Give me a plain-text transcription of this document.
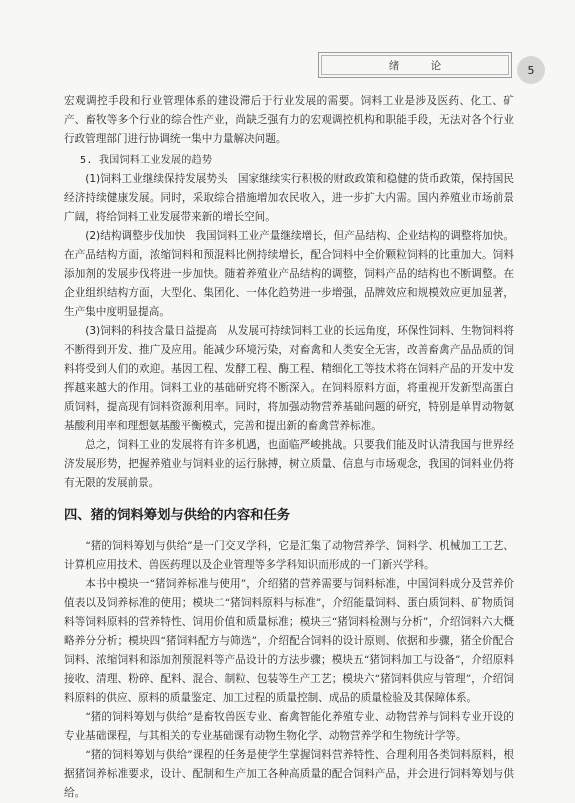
绪 论	5

宏观调控手段和行业管理体系的建设滞后于行业发展的需要。饲料工业是涉及医药、化工、矿产、畜牧等多个行业的综合性产业，尚缺乏强有力的宏观调控机构和职能手段，无法对各个行业行政管理部门进行协调统一集中力量解决问题。

5. 我国饲料工业发展的趋势

(1)饲料工业继续保持发展势头 国家继续实行积极的财政政策和稳健的货币政策，保持国民经济持续健康发展。同时，采取综合措施增加农民收入，进一步扩大内需。国内养殖业市场前景广阔，将给饲料工业发展带来新的增长空间。

(2)结构调整步伐加快 我国饲料工业产量继续增长，但产品结构、企业结构的调整将加快。在产品结构方面，浓缩饲料和预混料比例持续增长，配合饲料中全价颗粒饲料的比重加大。饲料添加剂的发展步伐将进一步加快。随着养殖业产品结构的调整，饲料产品的结构也不断调整。在企业组织结构方面，大型化、集团化、一体化趋势进一步增强，品牌效应和规模效应更加显著，生产集中度明显提高。

(3)饲料的科技含量日益提高 从发展可持续饲料工业的长远角度，环保性饲料、生物饲料将不断得到开发、推广及应用。能减少环境污染，对畜禽和人类安全无害，改善畜禽产品品质的饲料将受到人们的欢迎。基因工程、发酵工程、酶工程、精细化工等技术将在饲料产品的开发中发挥越来越大的作用。饲料工业的基础研究将不断深入。在饲料原料方面，将重视开发新型高蛋白质饲料，提高现有饲料资源利用率。同时，将加强动物营养基础问题的研究，特别是单胃动物氨基酸利用率和理想氨基酸平衡模式，完善和提出新的畜禽营养标准。

总之，饲料工业的发展将有许多机遇，也面临严峻挑战。只要我们能及时认清我国与世界经济发展形势，把握养殖业与饲料业的运行脉搏，树立质量、信息与市场观念，我国的饲料业仍将有无限的发展前景。

四、猪的饲料筹划与供给的内容和任务

“猪的饲料筹划与供给”是一门交叉学科，它是汇集了动物营养学、饲料学、机械加工工艺、计算机应用技术、兽医药理以及企业管理等多学科知识而形成的一门新兴学科。

本书中模块一“猪饲养标准与使用”，介绍猪的营养需要与饲料标准，中国饲料成分及营养价值表以及饲养标准的使用；模块二“猪饲料原料与标准”，介绍能量饲料、蛋白质饲料、矿物质饲料等饲料原料的营养特性、饲用价值和质量标准；模块三“猪饲料检测与分析”，介绍饲料六大概略养分分析；模块四“猪饲料配方与筛选”，介绍配合饲料的设计原则、依据和步骤，猪全价配合饲料、浓缩饲料和添加剂预混料等产品设计的方法步骤；模块五“猪饲料加工与设备”，介绍原料接收、清理、粉碎、配料、混合、制粒、包装等生产工艺；模块六“猪饲料供应与管理”，介绍饲料原料的供应、原料的质量鉴定、加工过程的质量控制、成品的质量检验及其保障体系。

“猪的饲料筹划与供给”是畜牧兽医专业、畜禽智能化养殖专业、动物营养与饲料专业开设的专业基础课程，与其相关的专业基础课有动物生物化学、动物营养学和生物统计学等。

“猪的饲料筹划与供给”课程的任务是使学生掌握饲料营养特性、合理利用各类饲料原料，根据猪饲养标准要求，设计、配制和生产加工各种高质量的配合饲料产品，并会进行饲料筹划与供给。
